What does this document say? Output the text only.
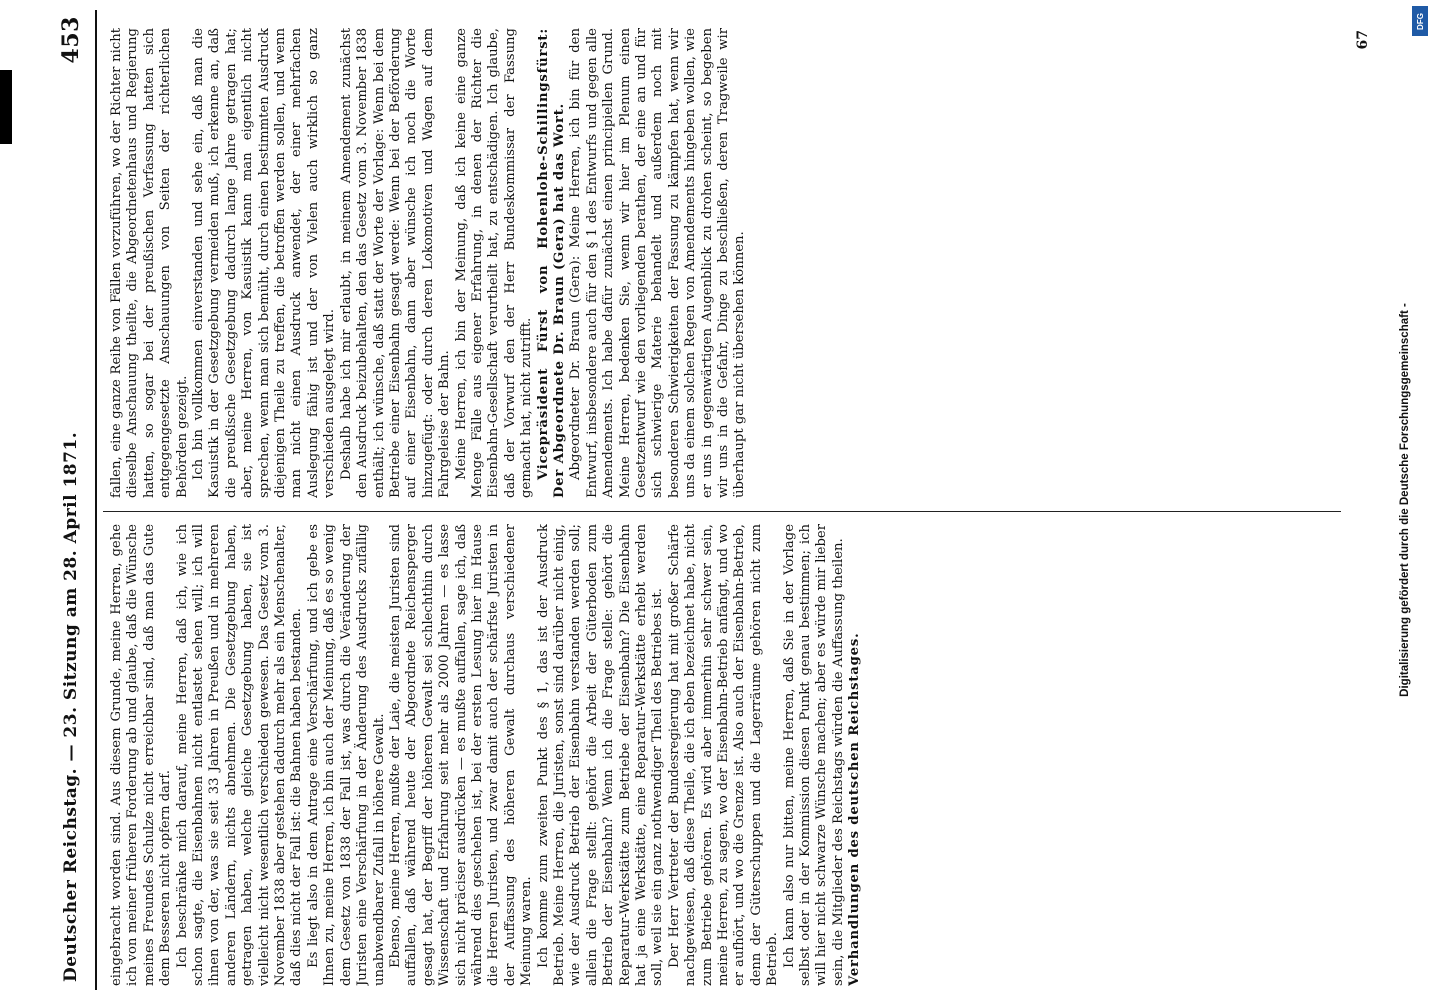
Deutscher Reichstag. — 23. Sitzung am 28. April 1871.
453

eingebracht worden sind. Aus diesem Grunde, meine Herren, gehe ich von meiner früheren Forderung ab und glaube, daß die Wünsche meines Freundes Schulze nicht erreichbar sind, daß man das Gute dem Besseren nicht opfern darf. Ich beschränke mich darauf, meine Herren, daß ich, wie ich schon sagte, die Eisenbahnen nicht entlastet sehen will; ich will ihnen von der, was sie seit 33 Jahren in Preußen und in mehreren anderen Ländern, nichts abnehmen. Die Gesetzgebung haben, getragen haben, welche gleiche Gesetzgebung haben, sie ist vielleicht nicht wesentlich verschieden gewesen. Das Gesetz vom 3. November 1838 aber gestehen dadurch mehr als ein Menschenalter, daß dies nicht der Fall ist: die Bahnen haben bestanden. Es liegt also in dem Antrage eine Verschärfung, und ich gebe es Ihnen zu, meine Herren, ich bin auch der Meinung, daß es so wenig dem Gesetz von 1838 der Fall ist, was durch die Veränderung der Juristen eine Verschärfung in der Änderung des Ausdrucks zufällig unabwendbarer Zufall in höhere Gewalt. Ebenso, meine Herren, mußte der Laie, die meisten Juristen sind auffallen, daß während heute der Abgeordnete Reichensperger gesagt hat, der Begriff der höheren Gewalt sei schlechthin durch Wissenschaft und Erfahrung seit mehr als 2000 Jahren — es lasse sich nicht präciser ausdrücken — es mußte auffallen, sage ich, daß während dies geschehen ist, bei der ersten Lesung hier im Hause die Herren Juristen, und zwar damit auch der schärfste Juristen in der Auffassung des höheren Gewalt durchaus verschiedener Meinung waren. Ich komme zum zweiten Punkt des § 1, das ist der Ausdruck Betrieb. Meine Herren, die Juristen, sonst sind darüber nicht einig, wie der Ausdruck Betrieb der Eisenbahn verstanden werden soll; allein die Frage stellt: gehört die Arbeit der Güterboden zum Betrieb der Eisenbahn? Wenn ich die Frage stelle: gehört die Reparatur-Werkstätte zum Betriebe der Eisenbahn? Die Eisenbahn hat ja eine Werkstätte, eine Reparatur-Werkstätte erhebt werden soll, weil sie ein ganz nothwendiger Theil des Betriebes ist. Der Herr Vertreter der Bundesregierung hat mit großer Schärfe nachgewiesen, daß diese Theile, die ich eben bezeichnet habe, nicht zum Betriebe gehören. Es wird aber immerhin sehr schwer sein, meine Herren, zu sagen, wo der Eisenbahn-Betrieb anfängt, und wo er aufhört, und wo die Grenze ist. Also auch der Eisenbahn-Betrieb, denn der Güterschuppen und die Lagerräume gehören nicht zum Betrieb. Ich kann also nur bitten, meine Herren, daß Sie in der Vorlage selbst oder in der Kommission diesen Punkt genau bestimmen; ich will hier nicht schwarze Wünsche machen; aber es würde mir lieber sein, die Mitglieder des Reichstags würden die Auffassung theilen. Verhandlungen des deutschen Reichstages.

fallen, eine ganze Reihe von Fällen vorzuführen, wo der Richter nicht dieselbe Anschauung theilte, die Abgeordnetenhaus und Regierung hatten, so sogar bei der preußischen Verfassung hatten sich entgegengesetzte Anschauungen von Seiten der richterlichen Behörden gezeigt. Ich bin vollkommen einverstanden und sehe ein, daß man die Kasuistik in der Gesetzgebung vermeiden muß, ich erkenne an, daß die preußische Gesetzgebung dadurch lange Jahre getragen hat; aber, meine Herren, von Kasuistik kann man eigentlich nicht sprechen, wenn man sich bemüht, durch einen bestimmten Ausdruck diejenigen Theile zu treffen, die betroffen werden sollen, und wenn man nicht einen Ausdruck anwendet, der einer mehrfachen Auslegung fähig ist und der von Vielen auch wirklich so ganz verschieden ausgelegt wird. Deshalb habe ich mir erlaubt, in meinem Amendement zunächst den Ausdruck beizubehalten, den das Gesetz vom 3. November 1838 enthält; ich wünsche, daß statt der Worte der Vorlage: Wenn bei dem Betriebe einer Eisenbahn gesagt werde: Wenn bei der Beförderung auf einer Eisenbahn, dann aber wünsche ich noch die Worte hinzugefügt: oder durch deren Lokomotiven und Wagen auf dem Fahrgeleise der Bahn. Meine Herren, ich bin der Meinung, daß ich keine eine ganze Menge Fälle aus eigener Erfahrung, in denen der Richter die Eisenbahn-Gesellschaft verurtheilt hat, zu entschädigen. Ich glaube, daß der Vorwurf den der Herr Bundeskommissar der Fassung gemacht hat, nicht zutrifft. Vicepräsident Fürst von Hohenlohe-Schillingsfürst: Der Abgeordnete Dr. Braun (Gera) hat das Wort. Abgeordneter Dr. Braun (Gera): Meine Herren, ich bin für den Entwurf, insbesondere auch für den § 1 des Entwurfs und gegen alle Amendements. Ich habe dafür zunächst einen principiellen Grund. Meine Herren, bedenken Sie, wenn wir hier im Plenum einen Gesetzentwurf wie den vorliegenden berathen, der eine an und für sich schwierige Materie behandelt und außerdem noch mit besonderen Schwierigkeiten der Fassung zu kämpfen hat, wenn wir uns da einem solchen Regen von Amendements hingeben wollen, wie er uns in gegenwärtigen Augenblick zu drohen scheint, so begeben wir uns in die Gefahr, Dinge zu beschließen, deren Tragweile wir überhaupt gar nicht übersehen können.

67
Digitalisierung gefördert durch die Deutsche Forschungsgemeinschaft -
DFG
